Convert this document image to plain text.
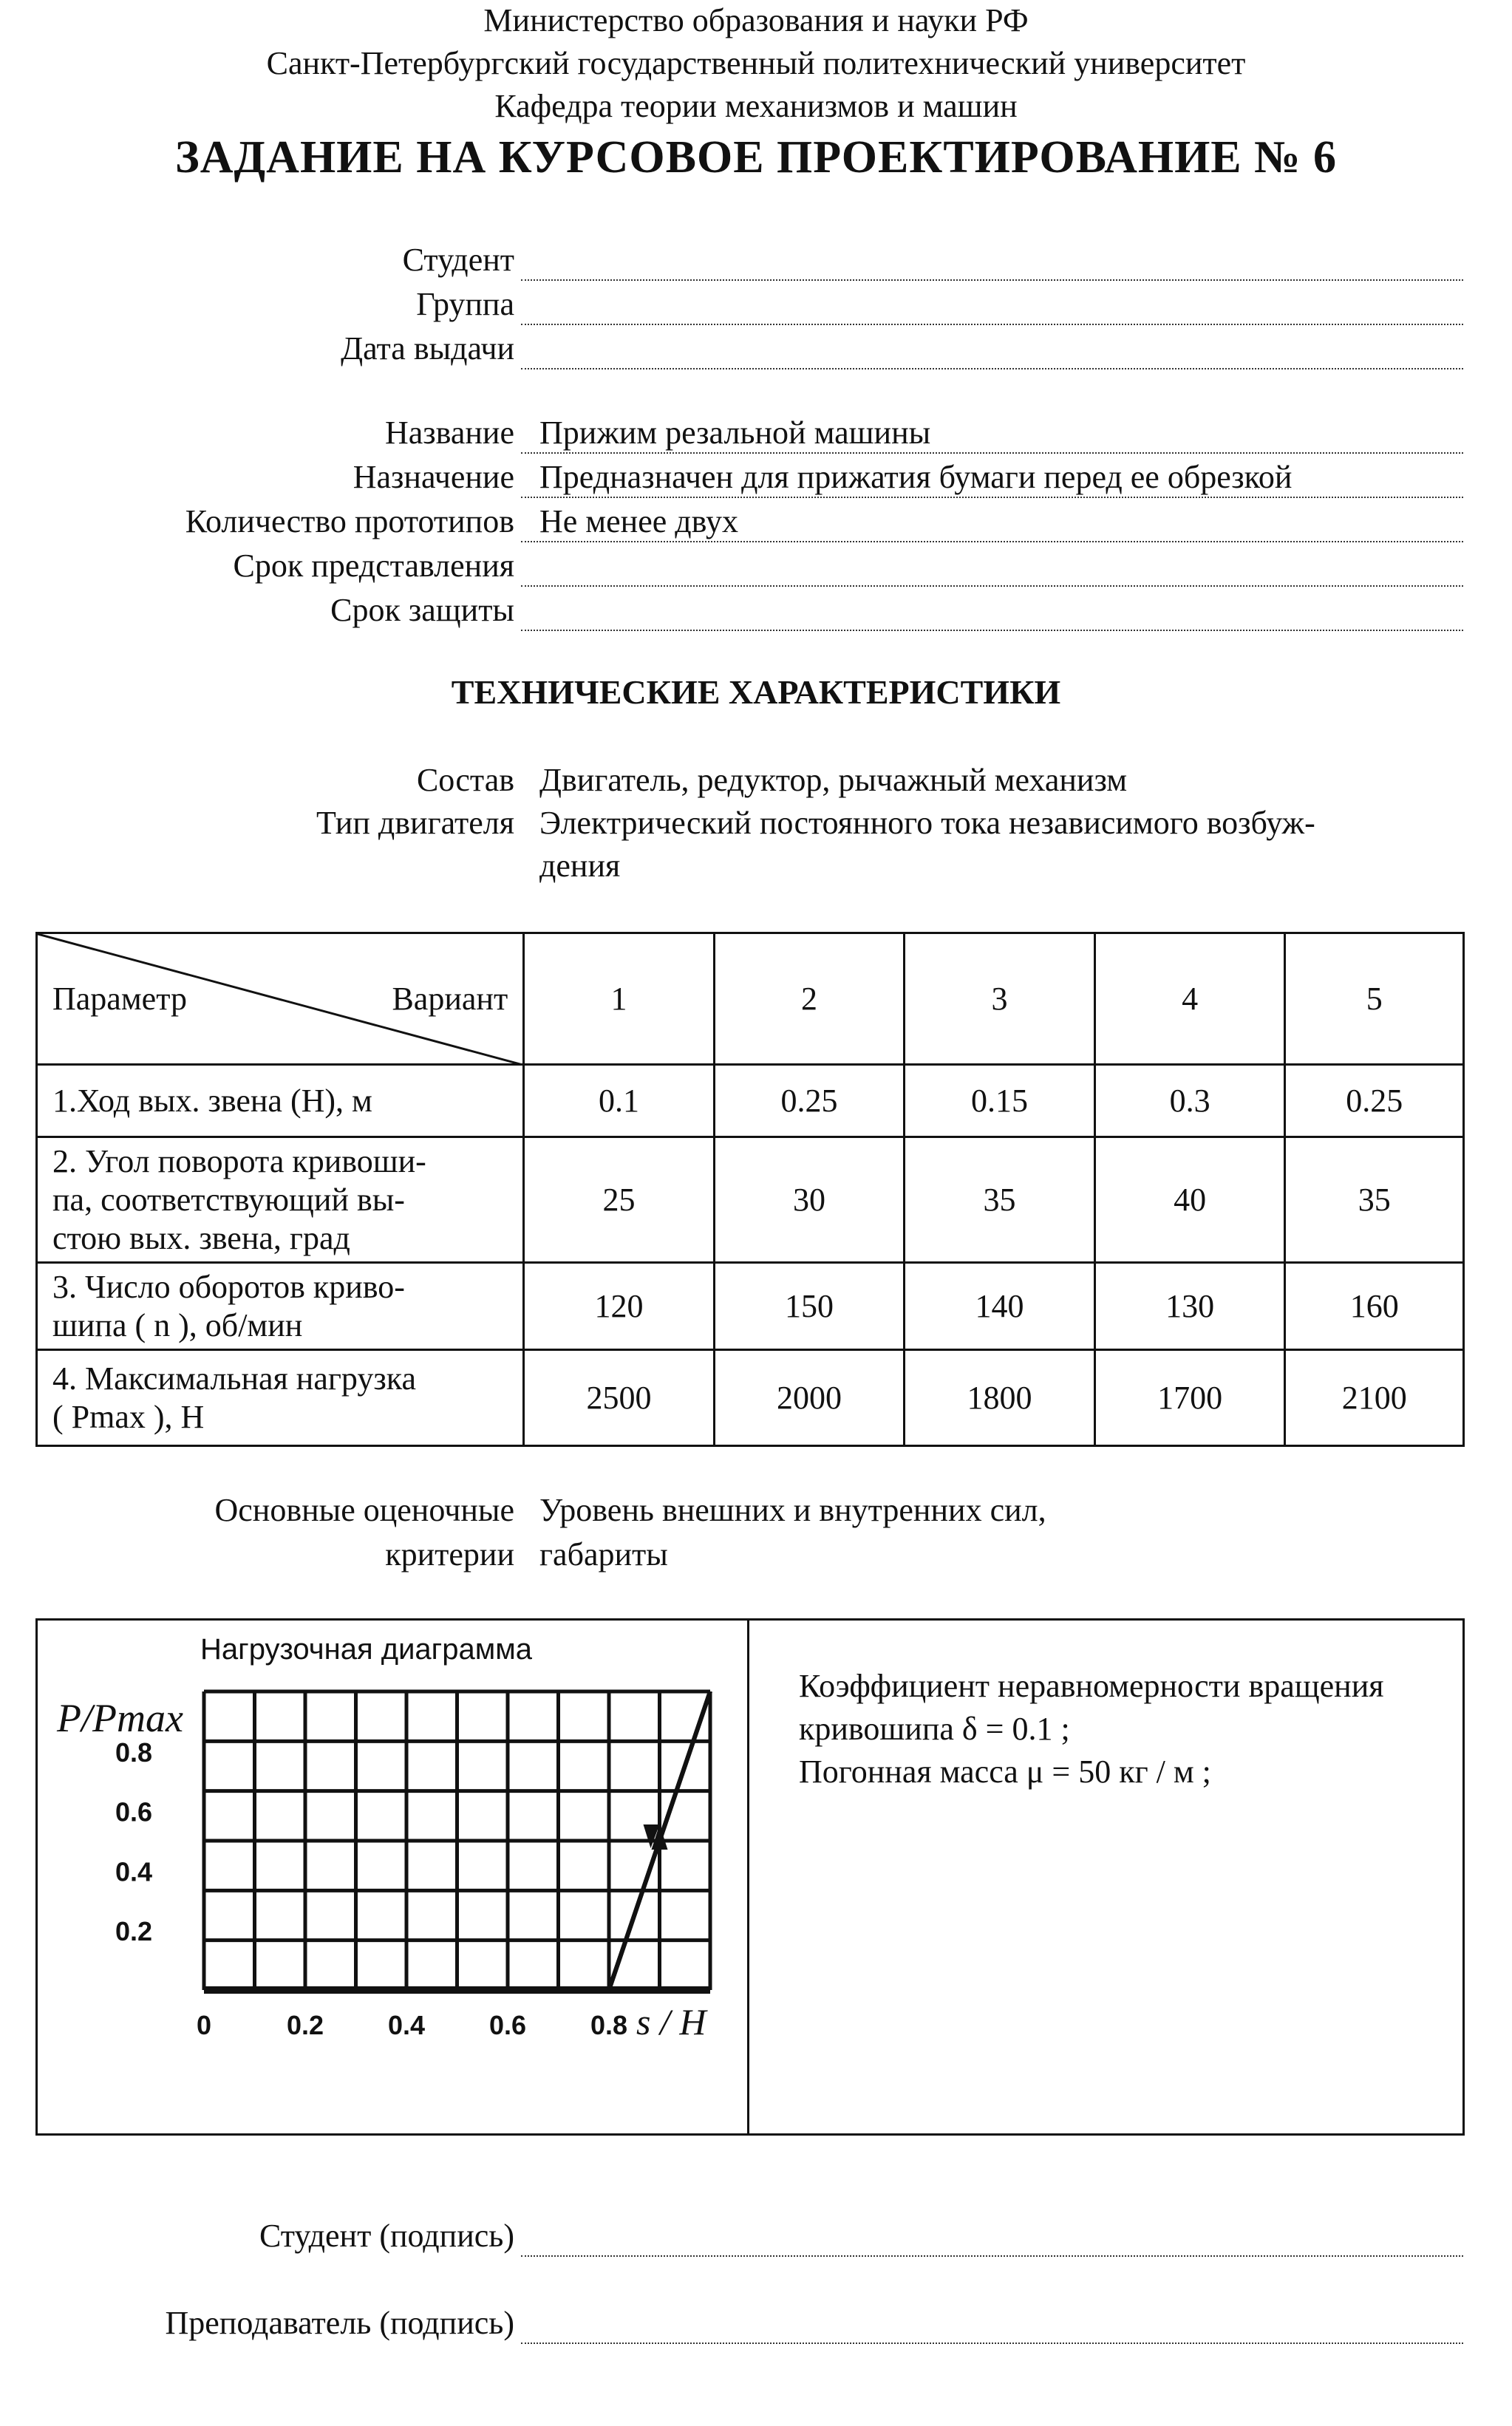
Министерство образования и науки РФ
Санкт-Петербургский государственный политехнический университет
Кафедра теории механизмов и машин
ЗАДАНИЕ НА КУРСОВОЕ ПРОЕКТИРОВАНИЕ № 6
Студент
Группа
Дата выдачи
Название Прижим резальной машины
Назначение Предназначен для прижатия бумаги перед ее обрезкой
Количество прототипов Не менее двух
Срок представления
Срок защиты
ТЕХНИЧЕСКИЕ ХАРАКТЕРИСТИКИ
Состав Двигатель, редуктор, рычажный механизм
Тип двигателя Электрический постоянного тока независимого возбуж-
дения
Параметр Вариант	1	2	3	4	5
1.Ход вых. звена (H), м	0.1	0.25	0.15	0.3	0.25

2. Угол поворота кривоши-
па, соответствующий вы-
стою вых. звена, град	25	30	35	40	35

3. Число оборотов криво-
шипа ( n ), об/мин	120	150	140	130	160

4. Максимальная нагрузка
( Pmax ), Н	2500	2000	1800	1700	2100
Основные оценочные Уровень внешних и внутренних сил,
критерии габариты
Нагрузочная диаграмма
P/Pmax
s / H
0.8
0.6
0.4
0.2
0	0.2 0.4 0.6 0.8
Коэффициент неравномерности вращения
кривошипа δ = 0.1 ;
Погонная масса μ = 50 кг / м ;
Студент (подпись)
Преподаватель (подпись)
